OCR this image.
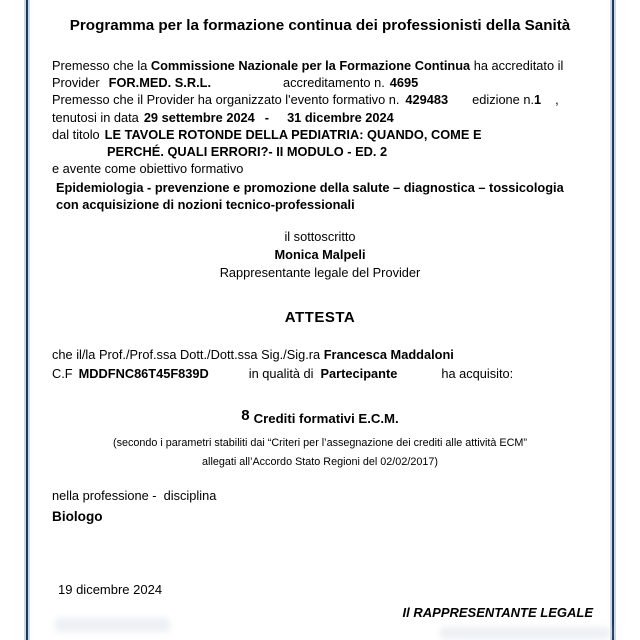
Programma per la formazione continua dei professionisti della Sanità
Premesso che la Commissione Nazionale per la Formazione Continua ha accreditato il
Provider FOR.MED. S.R.L.	accreditamento n. 4695
Premesso che il Provider ha organizzato l'evento formativo n. 429483 edizione n.1 ,
tenutosi in data 29 settembre 2024 - 31 dicembre 2024
dal titolo LE TAVOLE ROTONDE DELLA PEDIATRIA: QUANDO, COME E
PERCHÉ. QUALI ERRORI?- II MODULO - ED. 2
e avente come obiettivo formativo
Epidemiologia - prevenzione e promozione della salute – diagnostica – tossicologia
con acquisizione di nozioni tecnico-professionali
il sottoscritto
Monica Malpeli
Rappresentante legale del Provider
ATTESTA
che il/la Prof./Prof.ssa Dott./Dott.ssa Sig./Sig.ra Francesca Maddaloni
C.F MDDFNC86T45F839D	in qualità di Partecipante	ha acquisito:
8 Crediti formativi E.C.M.
(secondo i parametri stabiliti dai “Criteri per l’assegnazione dei crediti alle attività ECM”
allegati all’Accordo Stato Regioni del 02/02/2017)
nella professione -  disciplina
Biologo
19 dicembre 2024
Il RAPPRESENTANTE LEGALE
